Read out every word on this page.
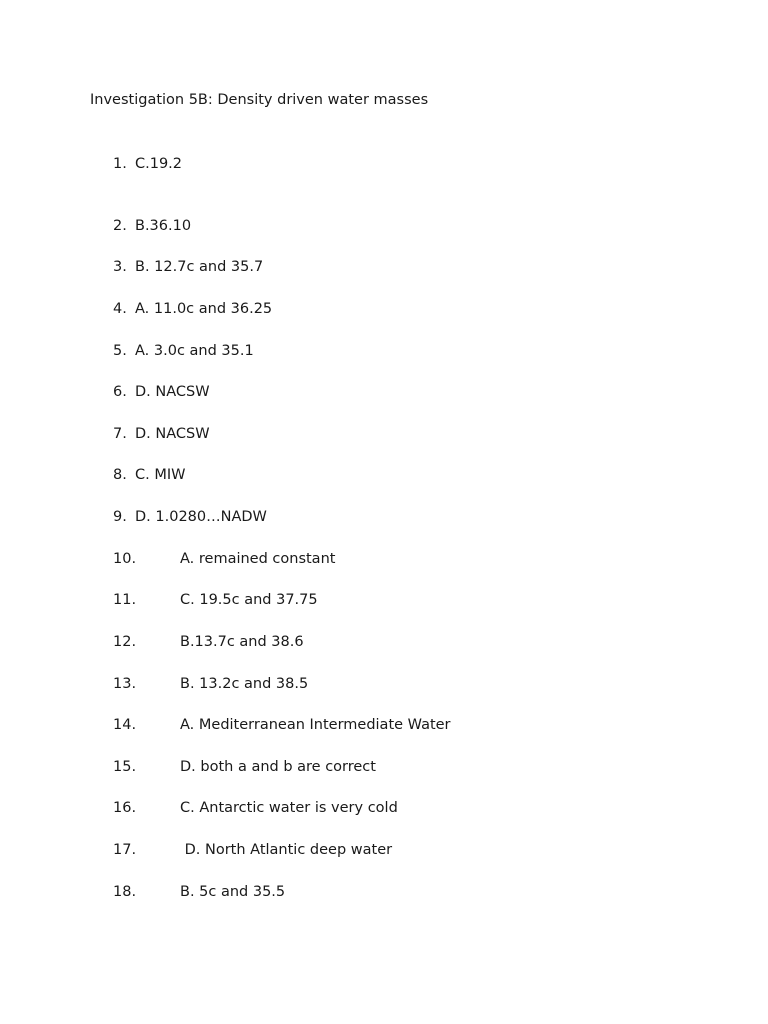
Investigation 5B: Density driven water masses
1. C.19.2
2. B.36.10
3. B. 12.7c and 35.7
4. A. 11.0c and 36.25
5. A. 3.0c and 35.1
6. D. NACSW
7. D. NACSW
8. C. MIW
9. D. 1.0280…NADW
10.	A. remained constant
11.	C. 19.5c and 37.75
12.	B.13.7c and 38.6
13.	B. 13.2c and 38.5
14.	A. Mediterranean Intermediate Water
15.	D. both a and b are correct
16.	C. Antarctic water is very cold
17.	D. North Atlantic deep water
18.	B. 5c and 35.5
